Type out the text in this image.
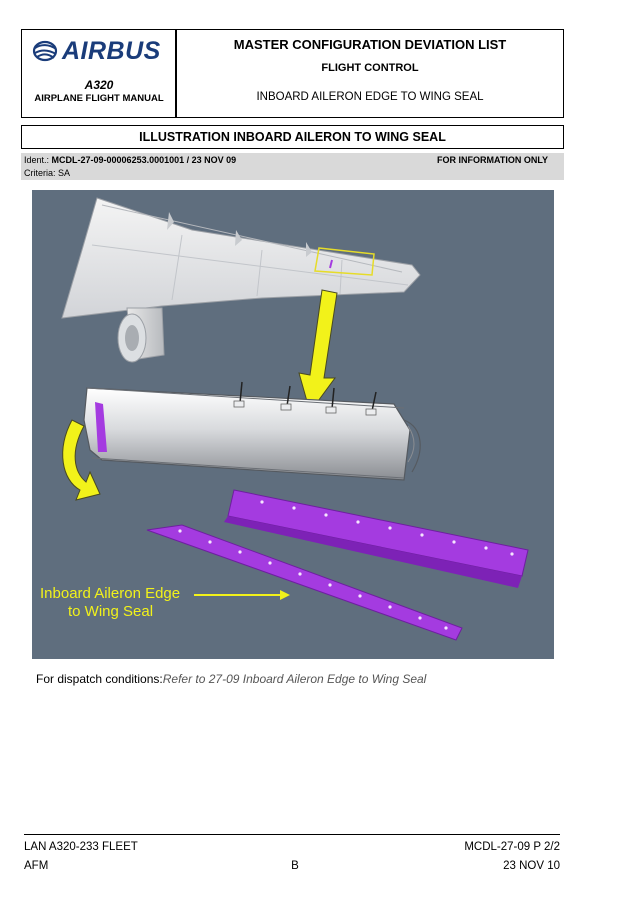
AIRBUS
A320
AIRPLANE FLIGHT MANUAL
MASTER CONFIGURATION DEVIATION LIST
FLIGHT CONTROL
INBOARD AILERON EDGE TO WING SEAL
ILLUSTRATION INBOARD AILERON TO WING SEAL
Ident.: MCDL-27-09-00006253.0001001 / 23 NOV 09	FOR INFORMATION ONLY
Criteria: SA
Inboard Aileron Edge
to Wing Seal
For dispatch conditions:Refer to 27-09 Inboard Aileron Edge to Wing Seal
LAN A320-233 FLEET	MCDL-27-09 P 2/2
AFM	B	23 NOV 10
